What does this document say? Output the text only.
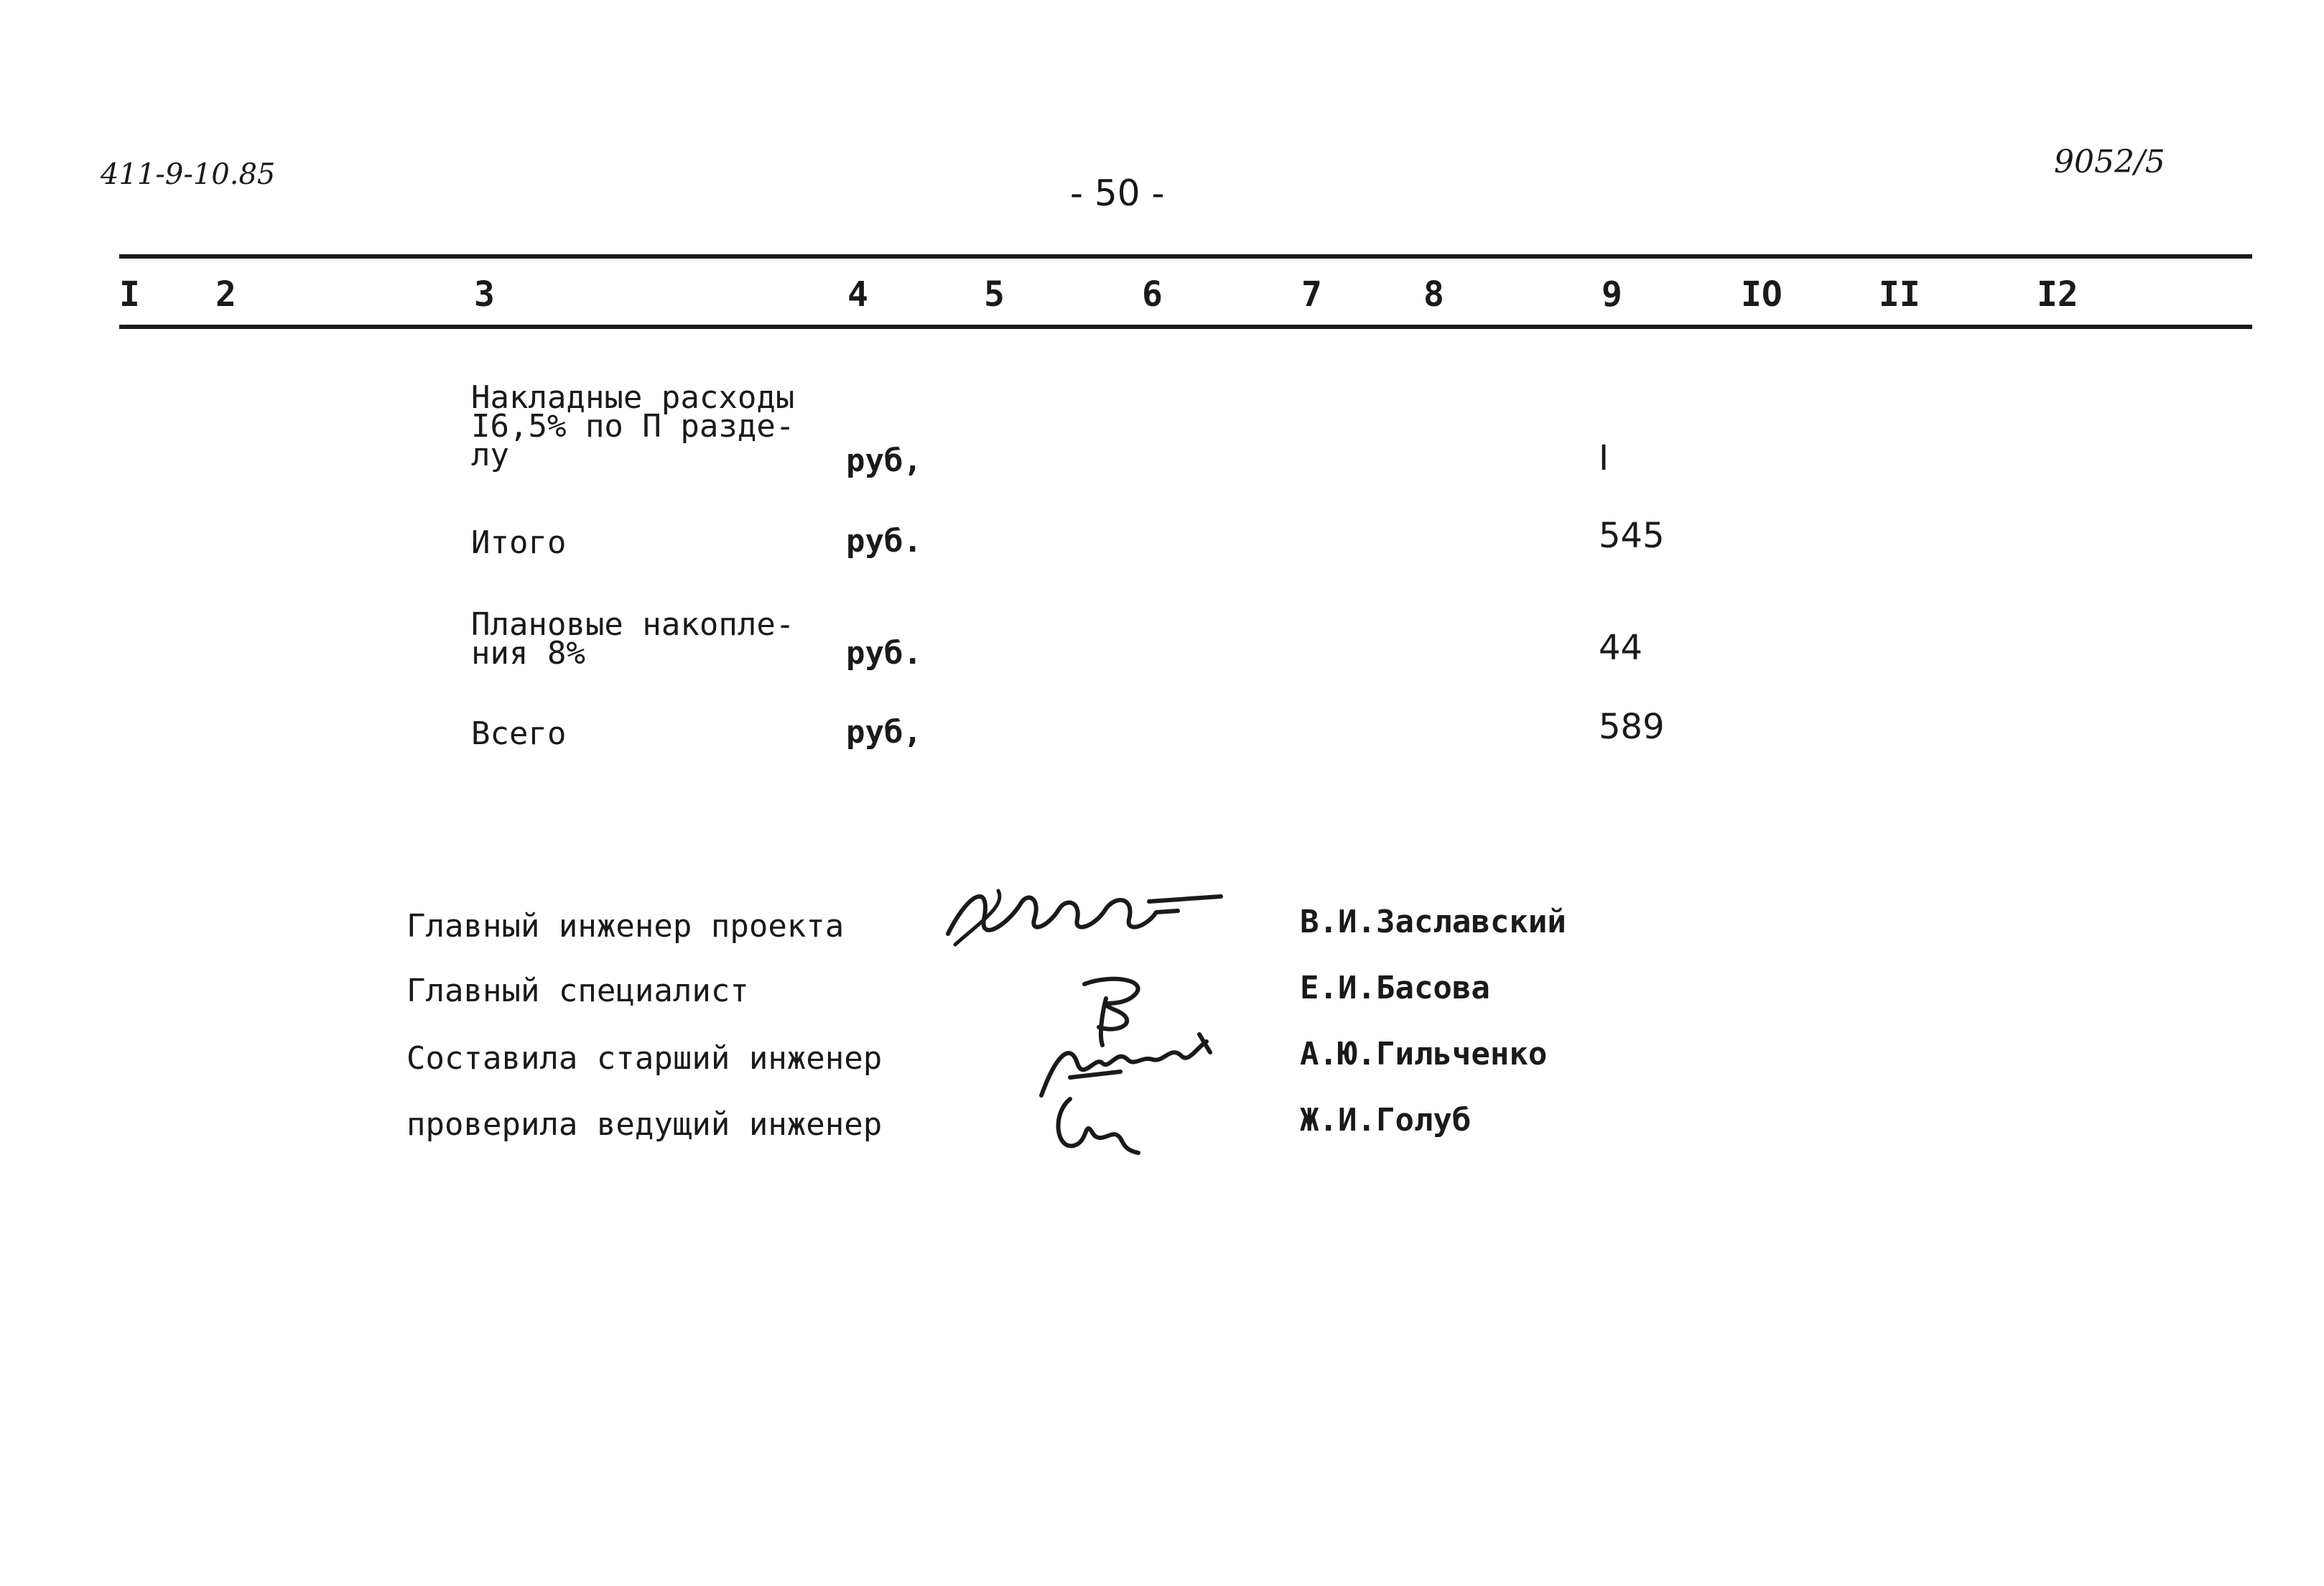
411-9-10.85	- 50 -
9052/5
I 2	3	4	5	6	7	8	9	IO	II	I2
Накладные расходы
I6,5% по П разде-
лу	руб,	I
Итого	руб.	545
Плановые накопле-
ния 8%	руб.	44
Всего	руб,	589
Главный инженер проекта
Главный специалист
Составила старший инженер
проверила ведущий инженер
В.И.Заславский
Е.И.Басова
А.Ю.Гильченко
Ж.И.Голуб
